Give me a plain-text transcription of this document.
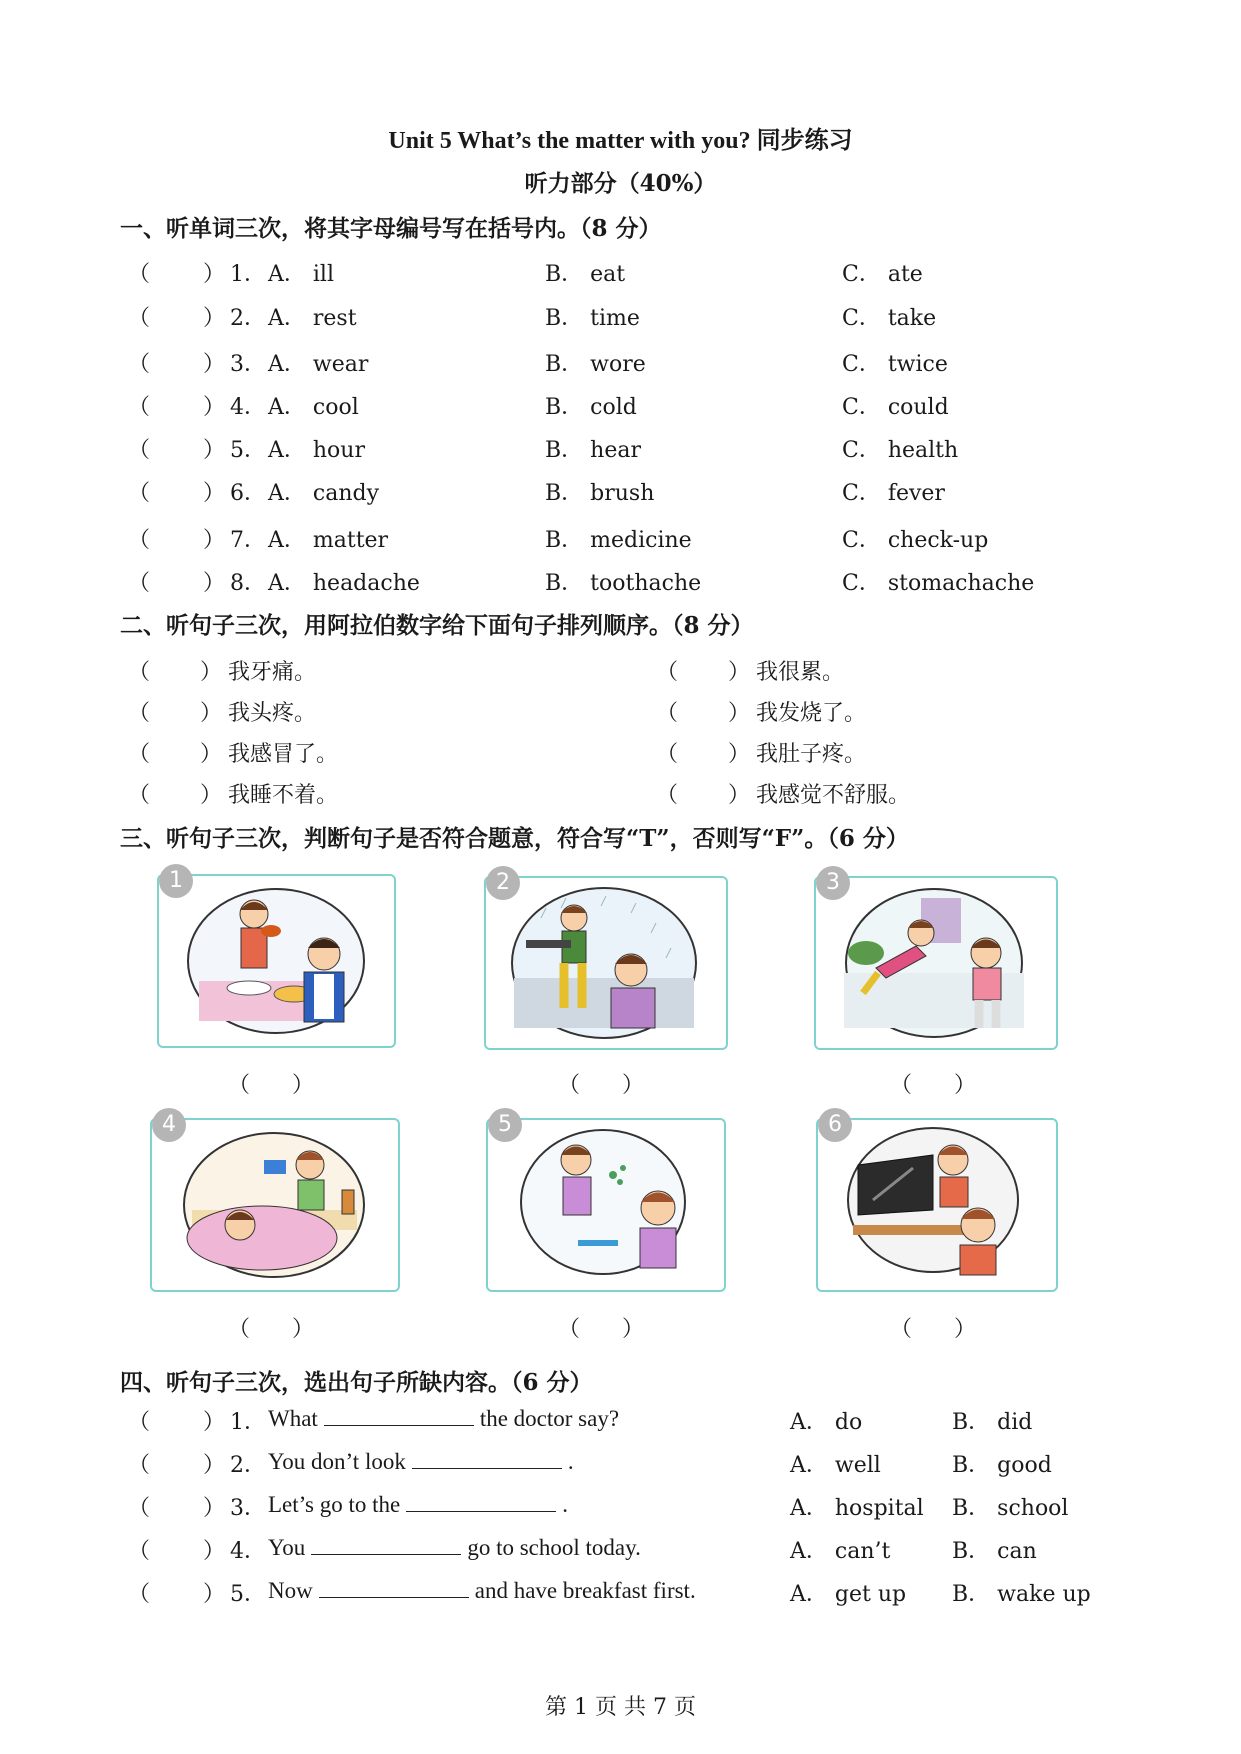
Unit 5 What’s the matter with you? 同步练习
听力部分（40%）
一、听单词三次，将其字母编号写在括号内。（8 分）
（ ） 1． A． ill	B． eat	C． ate
（ ） 2． A． rest	B． time	C． take
（ ） 3． A． wear	B． wore	C． twice
（ ） 4． A． cool	B． cold	C． could
（ ） 5． A． hour	B． hear	C． health
（ ） 6． A． candy	B． brush	C． fever
（ ） 7． A． matter	B． medicine	C． check-up
（ ） 8． A． headache	B． toothache	C． stomachache
二、听句子三次，用阿拉伯数字给下面句子排列顺序。（8 分）
（ ） 我牙痛。	（ ） 我很累。
（ ） 我头疼。	（ ） 我发烧了。
（ ） 我感冒了。	（ ） 我肚子疼。
（ ） 我睡不着。	（ ） 我感觉不舒服。
三、听句子三次，判断句子是否符合题意，符合写“T”，否则写“F”。（6 分）
1	2	3
（ ）	（ ）	（ ）
4	5	6
（ ）	（ ）	（ ）
四、听句子三次，选出句子所缺内容。（6 分）
（ ） 1． What	the doctor say?	A． do	B． did
（ ） 2． You don’t look	.	A． well	B． good
（ ） 3． Let’s go to the	.	A． hospital B． school
（ ） 4． You	go to school today.	A． can’t	B． can
（ ） 5． Now	and have breakfast first.	A． get up B． wake up
第 1 页 共 7 页
